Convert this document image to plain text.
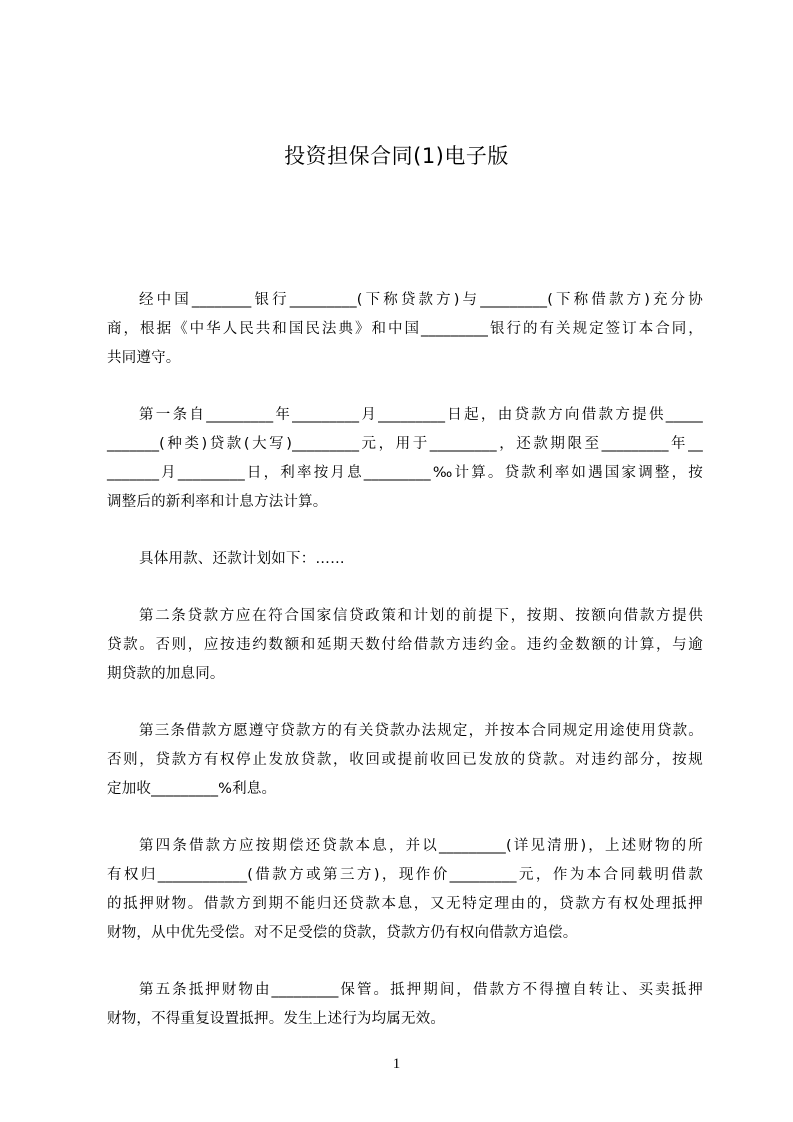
投资担保合同(1)电子版
经中国________银行_________(下称贷款方)与_________(下称借款方)充分协
商，根据《中华人民共和国民法典》和中国_________银行的有关规定签订本合同，
共同遵守。
第一条自_________年_________月_________日起，由贷款方向借款方提供_____
_______(种类)贷款(大写)_________元，用于_________，还款期限至_________年__
_______月_________日，利率按月息_________‰计算。贷款利率如遇国家调整，按
调整后的新利率和计息方法计算。
具体用款、还款计划如下：……
第二条贷款方应在符合国家信贷政策和计划的前提下，按期、按额向借款方提供
贷款。否则，应按违约数额和延期天数付给借款方违约金。违约金数额的计算，与逾
期贷款的加息同。
第三条借款方愿遵守贷款方的有关贷款办法规定，并按本合同规定用途使用贷款。
否则，贷款方有权停止发放贷款，收回或提前收回已发放的贷款。对违约部分，按规
定加收_________%利息。
第四条借款方应按期偿还贷款本息，并以_________(详见清册)，上述财物的所
有权归____________(借款方或第三方)，现作价_________元，作为本合同载明借款
的抵押财物。借款方到期不能归还贷款本息，又无特定理由的，贷款方有权处理抵押
财物，从中优先受偿。对不足受偿的贷款，贷款方仍有权向借款方追偿。
第五条抵押财物由_________保管。抵押期间，借款方不得擅自转让、买卖抵押
财物，不得重复设置抵押。发生上述行为均属无效。
1
